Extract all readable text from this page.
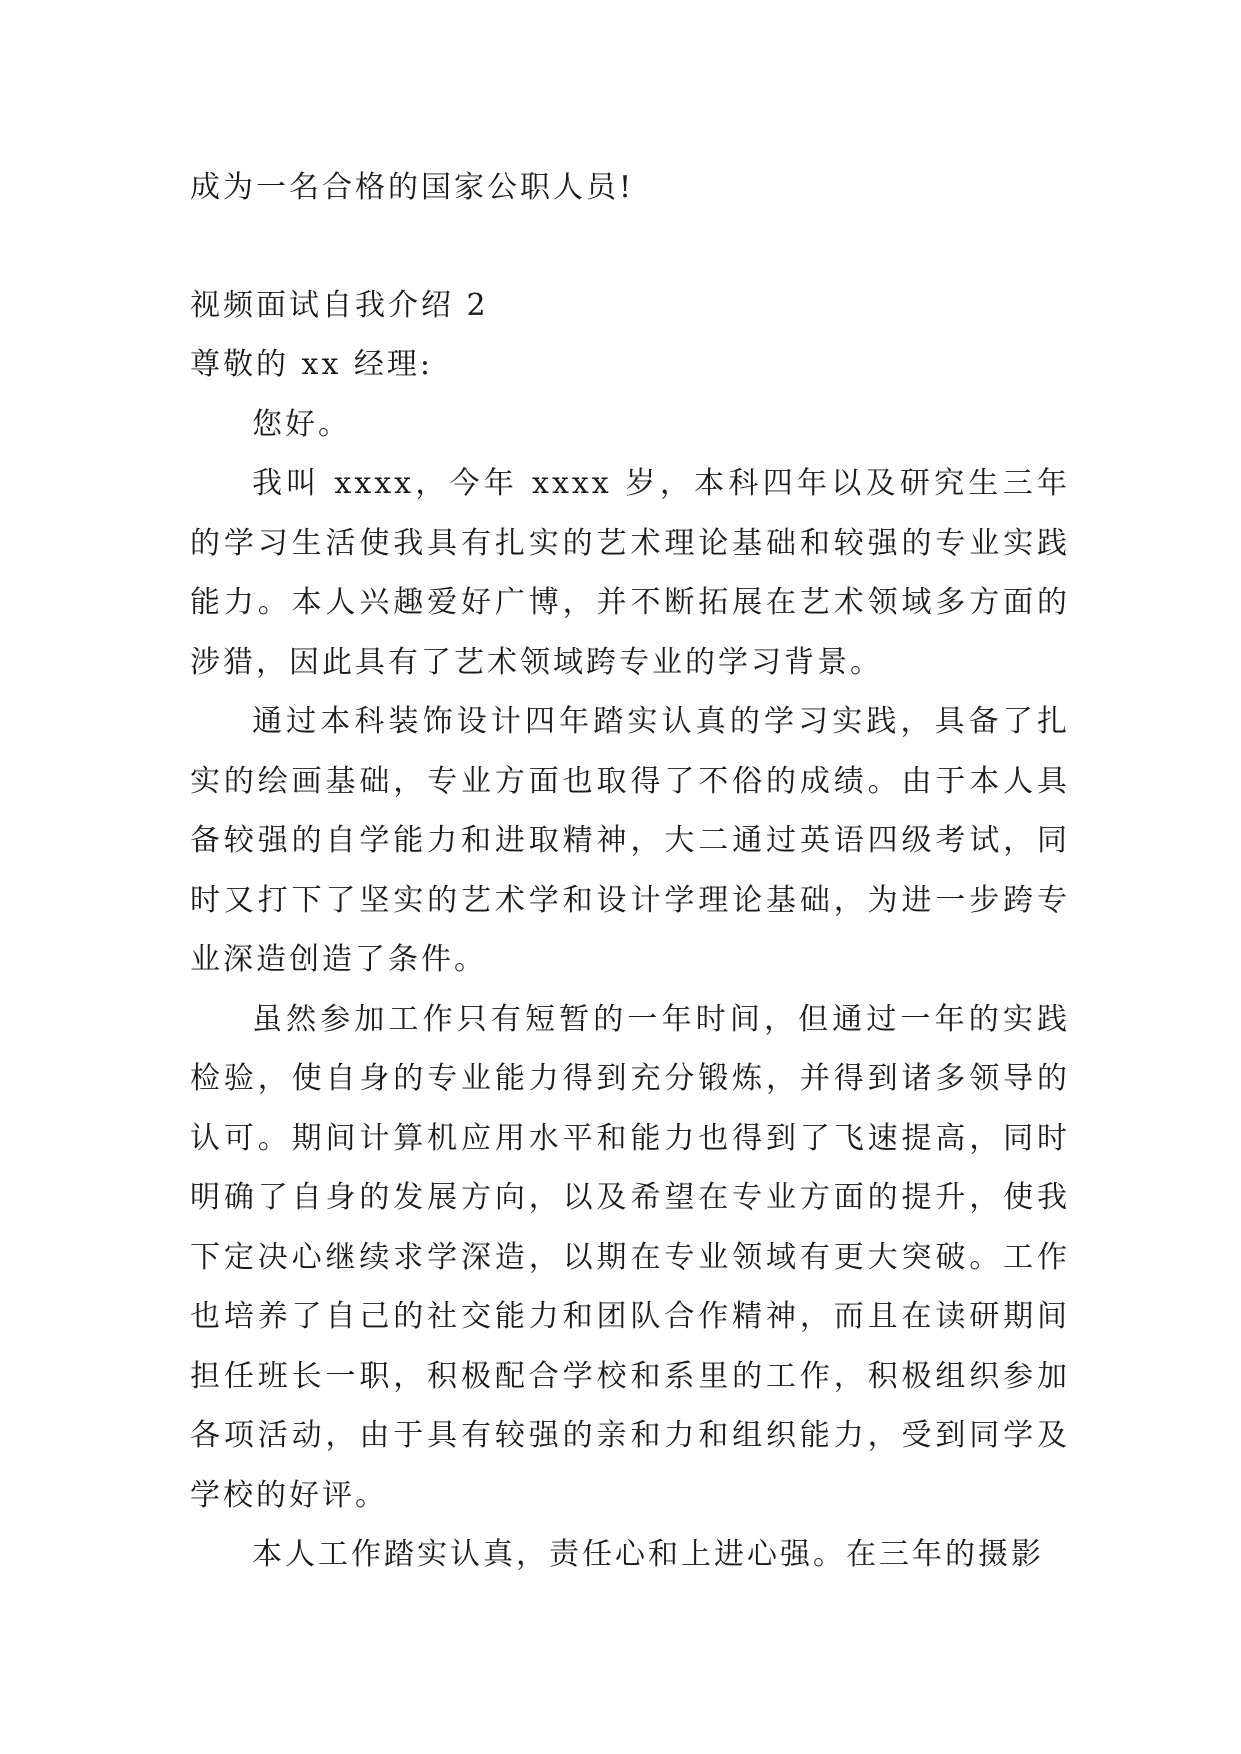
成为一名合格的国家公职人员!
视频面试自我介绍 2
尊敬的 xx 经理:
您好。
我叫 xxxx，今年 xxxx 岁，本科四年以及研究生三年的学习生活使我具有扎实的艺术理论基础和较强的专业实践能力。本人兴趣爱好广博，并不断拓展在艺术领域多方面的涉猎，因此具有了艺术领域跨专业的学习背景。
通过本科装饰设计四年踏实认真的学习实践，具备了扎实的绘画基础，专业方面也取得了不俗的成绩。由于本人具备较强的自学能力和进取精神，大二通过英语四级考试，同时又打下了坚实的艺术学和设计学理论基础，为进一步跨专业深造创造了条件。
虽然参加工作只有短暂的一年时间，但通过一年的实践检验，使自身的专业能力得到充分锻炼，并得到诸多领导的认可。期间计算机应用水平和能力也得到了飞速提高，同时明确了自身的发展方向，以及希望在专业方面的提升，使我下定决心继续求学深造，以期在专业领域有更大突破。工作也培养了自己的社交能力和团队合作精神，而且在读研期间担任班长一职，积极配合学校和系里的工作，积极组织参加各项活动，由于具有较强的亲和力和组织能力，受到同学及学校的好评。
本人工作踏实认真，责任心和上进心强。在三年的摄影
